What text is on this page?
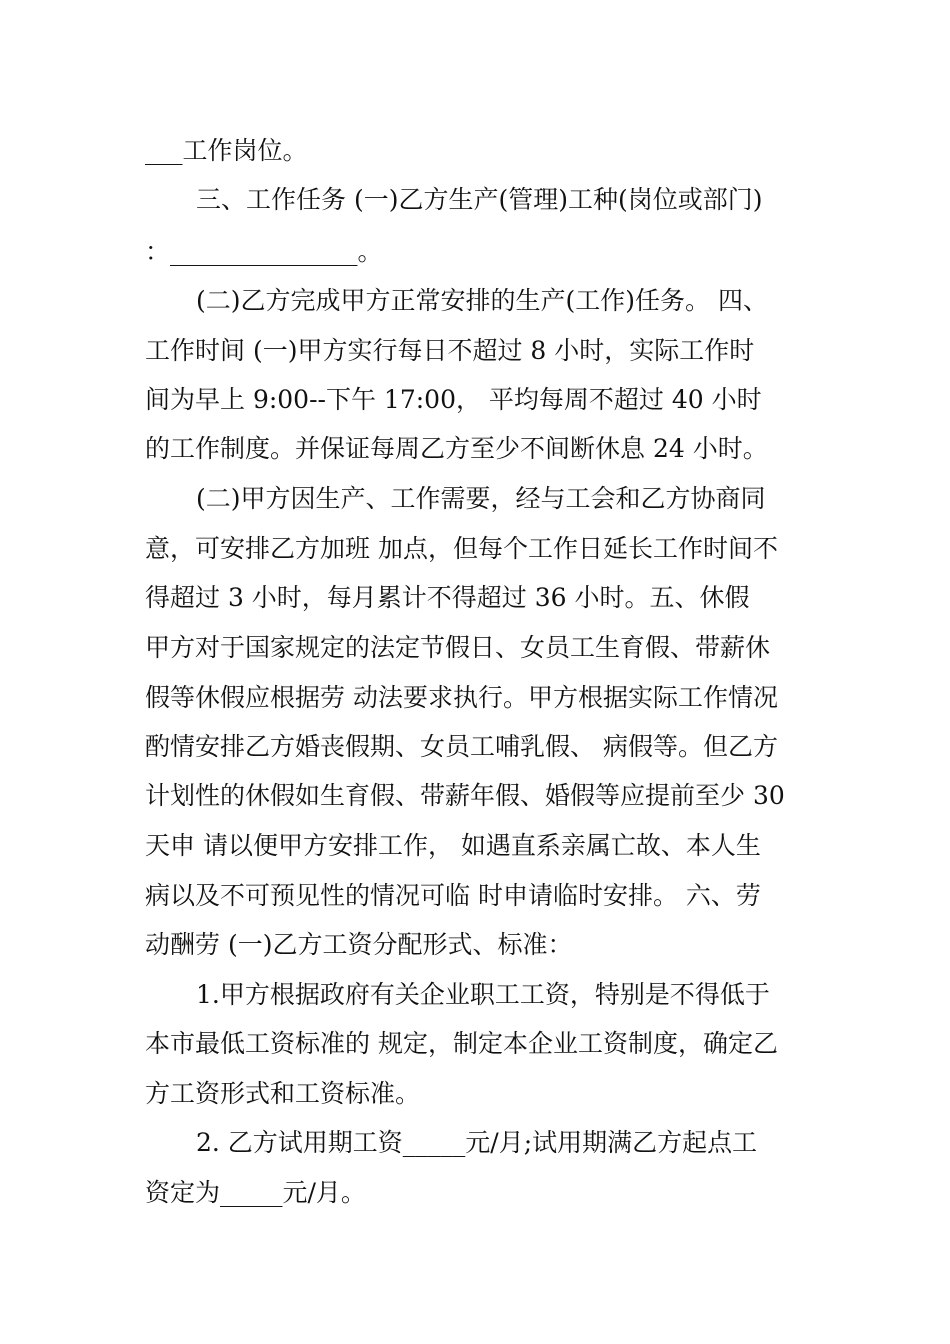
___工作岗位。
三、工作任务 (一)乙方生产(管理)工种(岗位或部门)
：_______________。
(二)乙方完成甲方正常安排的生产(工作)任务。 四、
工作时间 (一)甲方实行每日不超过 8 小时，实际工作时
间为早上 9:00--下午 17:00， 平均每周不超过 40 小时
的工作制度。并保证每周乙方至少不间断休息 24 小时。
(二)甲方因生产、工作需要，经与工会和乙方协商同
意，可安排乙方加班 加点，但每个工作日延长工作时间不
得超过 3 小时，每月累计不得超过 36 小时。五、休假
甲方对于国家规定的法定节假日、女员工生育假、带薪休
假等休假应根据劳 动法要求执行。甲方根据实际工作情况
酌情安排乙方婚丧假期、女员工哺乳假、 病假等。但乙方
计划性的休假如生育假、带薪年假、婚假等应提前至少 30
天申 请以便甲方安排工作， 如遇直系亲属亡故、本人生
病以及不可预见性的情况可临 时申请临时安排。 六、劳
动酬劳 (一)乙方工资分配形式、标准：
1.甲方根据政府有关企业职工工资，特别是不得低于
本市最低工资标准的 规定，制定本企业工资制度，确定乙
方工资形式和工资标准。
2. 乙方试用期工资_____元/月;试用期满乙方起点工
资定为_____元/月。
